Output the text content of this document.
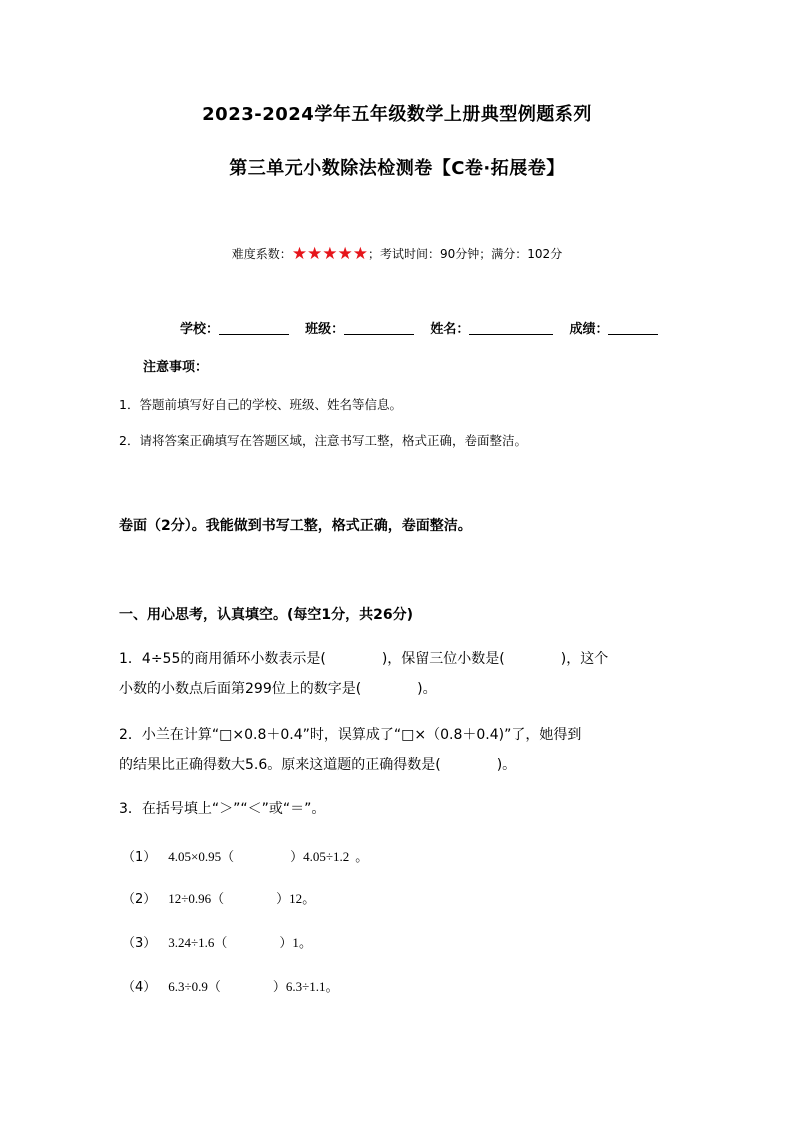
2023-2024学年五年级数学上册典型例题系列
第三单元小数除法检测卷【C卷·拓展卷】
难度系数：★★★★★；考试时间：90分钟；满分：102分
学校：	班级：	姓名：	成绩：
注意事项：
1．答题前填写好自己的学校、班级、姓名等信息。
2．请将答案正确填写在答题区域，注意书写工整，格式正确，卷面整洁。
卷面（2分）。我能做到书写工整，格式正确，卷面整洁。
一、用心思考，认真填空。(每空1分，共26分)
1．4÷55的商用循环小数表示是(　　　　)，保留三位小数是(　　　　)，这个
小数的小数点后面第299位上的数字是(　　　　)。
2．小兰在计算“□×0.8＋0.4”时，误算成了“□×（0.8＋0.4)”了，她得到
的结果比正确得数大5.6。原来这道题的正确得数是(　　　　)。
3．在括号填上“＞”“＜”或“＝”。
（1） 4.05×0.95（	）4.05÷1.2 。
（2） 12÷0.96（	）12。
（3） 3.24÷1.6（	）1。
（4） 6.3÷0.9（	）6.3÷1.1。
